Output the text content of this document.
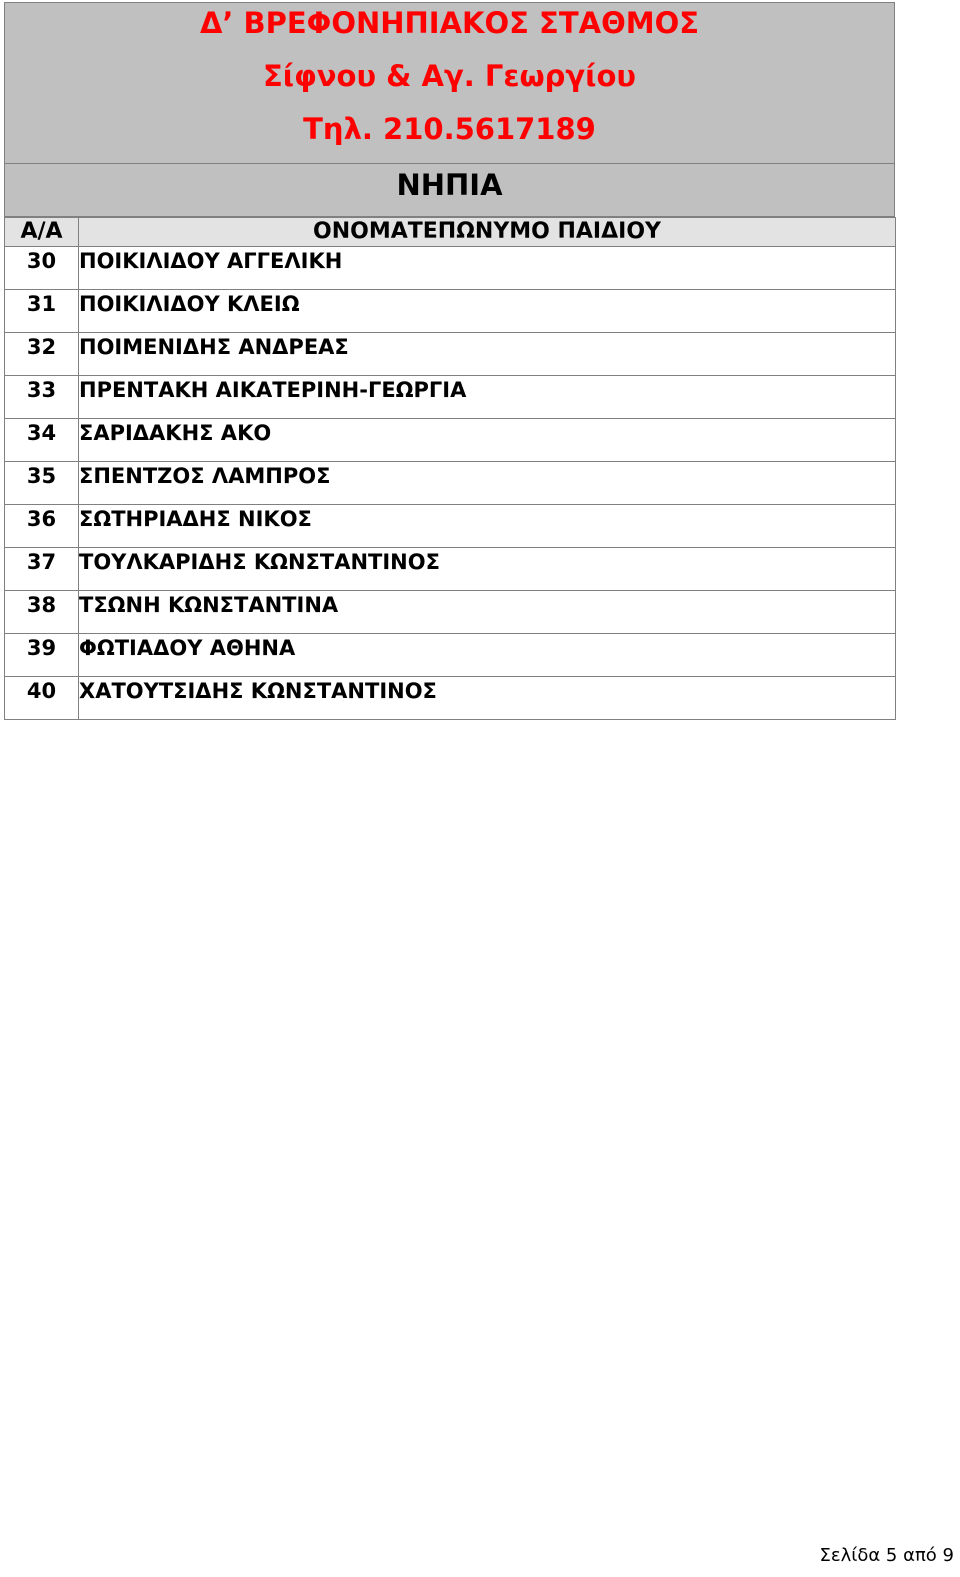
Δ’ ΒΡΕΦΟΝΗΠΙΑΚΟΣ ΣΤΑΘΜΟΣ
Σίφνου & Αγ. Γεωργίου
Τηλ. 210.5617189
ΝΗΠΙΑ
Α/Α	ΟΝΟΜΑΤΕΠΩΝΥΜΟ ΠΑΙΔΙΟΥ
30	ΠΟΙΚΙΛΙΔΟΥ ΑΓΓΕΛΙΚΗ
31	ΠΟΙΚΙΛΙΔΟΥ ΚΛΕΙΩ
32	ΠΟΙΜΕΝΙΔΗΣ ΑΝΔΡΕΑΣ
33	ΠΡΕΝΤΑΚΗ ΑΙΚΑΤΕΡΙΝΗ-ΓΕΩΡΓΙΑ
34	ΣΑΡΙΔΑΚΗΣ ΑΚΟ
35	ΣΠΕΝΤΖΟΣ ΛΑΜΠΡΟΣ
36	ΣΩΤΗΡΙΑΔΗΣ ΝΙΚΟΣ
37	ΤΟΥΛΚΑΡΙΔΗΣ ΚΩΝΣΤΑΝΤΙΝΟΣ
38	ΤΣΩΝΗ ΚΩΝΣΤΑΝΤΙΝΑ
39	ΦΩΤΙΑΔΟΥ ΑΘΗΝΑ
40	ΧΑΤΟΥΤΣΙΔΗΣ ΚΩΝΣΤΑΝΤΙΝΟΣ
Σελίδα 5 από 9
